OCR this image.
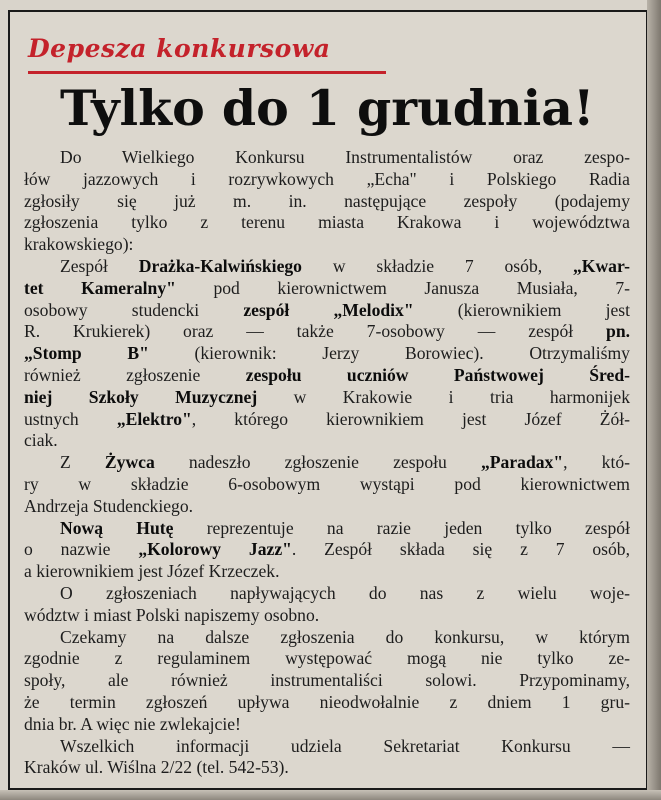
Depesza konkursowa
Tylko do 1 grudnia!

Do Wielkiego Konkursu Instrumentalistów oraz zespo-
łów jazzowych i rozrywkowych „Echa" i Polskiego Radia
zgłosiły się już m. in. następujące zespoły (podajemy
zgłoszenia tylko z terenu miasta Krakowa i województwa
krakowskiego):

Zespół Drażka-Kalwińskiego w składzie 7 osób, „Kwar-
tet Kameralny" pod kierownictwem Janusza Musiała, 7-
osobowy studencki zespół „Melodix" (kierownikiem jest
R. Krukierek) oraz — także 7-osobowy — zespół pn.
„Stomp B" (kierownik: Jerzy Borowiec). Otrzymaliśmy
również zgłoszenie zespołu uczniów Państwowej Śred-
niej Szkoły Muzycznej w Krakowie i tria harmonijek
ustnych „Elektro", którego kierownikiem jest Józef Żół-
ciak.

Z Żywca nadeszło zgłoszenie zespołu „Paradax", któ-
ry w składzie 6-osobowym wystąpi pod kierownictwem
Andrzeja Studenckiego.

Nową Hutę reprezentuje na razie jeden tylko zespół
o nazwie „Kolorowy Jazz". Zespół składa się z 7 osób,
a kierownikiem jest Józef Krzeczek.

O zgłoszeniach napływających do nas z wielu woje-
wództw i miast Polski napiszemy osobno.

Czekamy na dalsze zgłoszenia do konkursu, w którym
zgodnie z regulaminem występować mogą nie tylko ze-
społy, ale również instrumentaliści solowi. Przypominamy,
że termin zgłoszeń upływa nieodwołalnie z dniem 1 gru-
dnia br. A więc nie zwlekajcie!

Wszelkich informacji udziela Sekretariat Konkursu —
Kraków ul. Wiślna 2/22 (tel. 542-53).
